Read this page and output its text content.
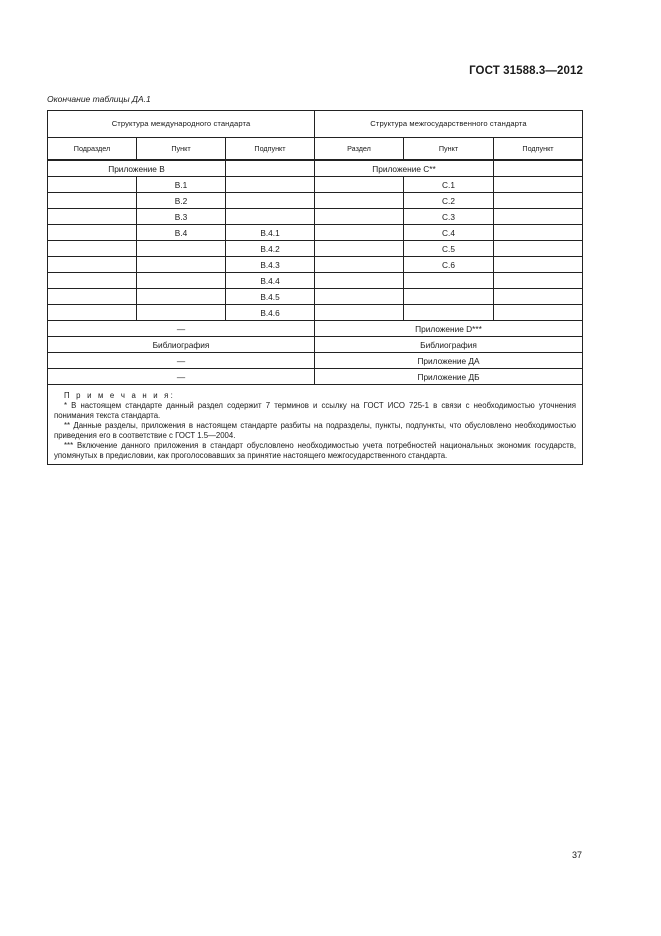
ГОСТ 31588.3—2012
Окончание таблицы ДА.1
Структура международного стандарта			Структура межгосударственного стандарта		
Подраздел	Пункт	Подпункт	Раздел	Пункт	Подпункт
Приложение B			Приложение С**		
	B.1			C.1	
	B.2			C.2	
	B.3			C.3	
	B.4	B.4.1		C.4	
		B.4.2		C.5	
		B.4.3		C.6	
		B.4.4			
		B.4.5			
		B.4.6			
—			Приложение D***		
Библиография			Библиография		
—			Приложение ДА		
—			Приложение ДБ		

П р и м е ч а н и я:
* В настоящем стандарте данный раздел содержит 7 терминов и ссылку на ГОСТ ИСО 725-1 в связи с необходимостью уточнения понимания текста стандарта.
** Данные разделы, приложения в настоящем стандарте разбиты на подразделы, пункты, подпункты, что обусловлено необходимостью приведения его в соответствие с ГОСТ 1.5—2004.
*** Включение данного приложения в стандарт обусловлено необходимостью учета потребностей национальных экономик государств, упомянутых в предисловии, как проголосовавших за принятие настоящего межгосударственного стандарта.					
37
